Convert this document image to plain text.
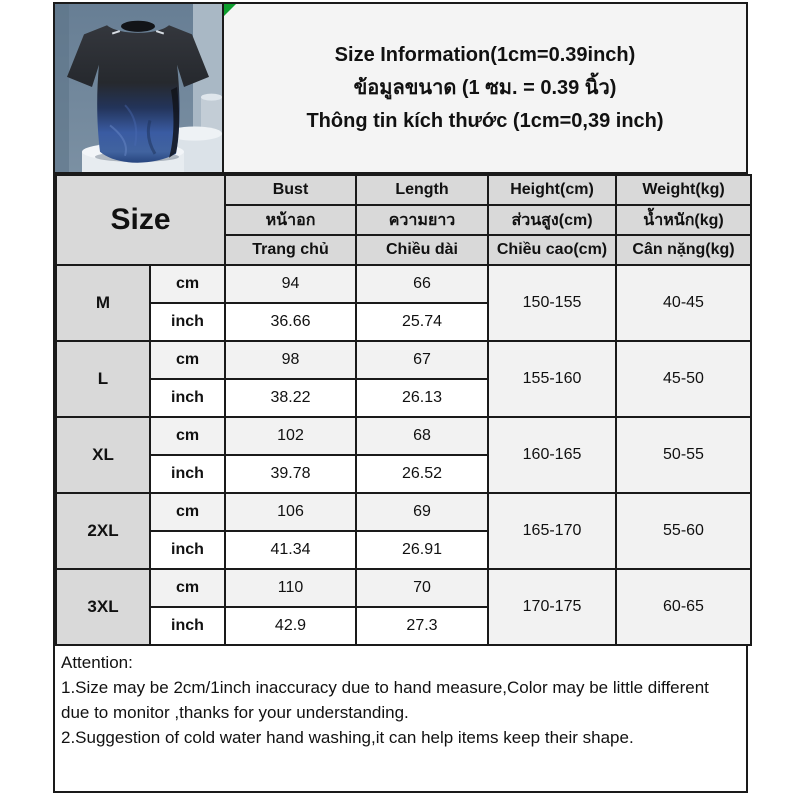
Size Information(1cm=0.39inch)
ข้อมูลขนาด (1 ซม. = 0.39 นิ้ว)
Thông tin kích thước (1cm=0,39 inch)
Size		Bust	Length	Height(cm)	Weight(kg)
		หน้าอก	ความยาว	ส่วนสูง(cm)	น้ำหนัก(kg)
		Trang chủ	Chiều dài	Chiều cao(cm)	Cân nặng(kg)
M	cm	94	66	150-155	40-45
	inch	36.66	25.74		
L	cm	98	67	155-160	45-50
	inch	38.22	26.13		
XL	cm	102	68	160-165	50-55
	inch	39.78	26.52		
2XL	cm	106	69	165-170	55-60
	inch	41.34	26.91		
3XL	cm	110	70	170-175	60-65
	inch	42.9	27.3		

Attention:

1.Size may be 2cm/1inch inaccuracy due to hand measure,Color may be little different due to monitor ,thanks for your understanding.

2.Suggestion of cold water hand washing,it can help items keep their shape.
